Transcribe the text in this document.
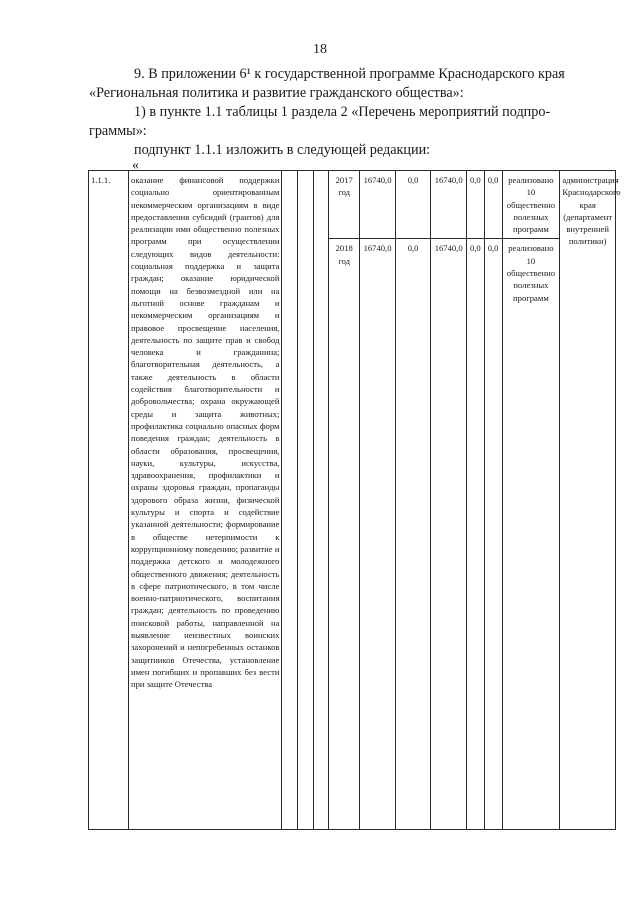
18
9. В приложении 6¹ к государственной программе Краснодарского края
«Региональная политика и развитие гражданского общества»:
1) в пункте 1.1 таблицы 1 раздела 2 «Перечень мероприятий подпро-
граммы»:
подпункт 1.1.1 изложить в следующей редакции:
«
1.1.1.	оказание финансовой поддержки социально ориентированным некоммерческим организациям в виде предоставления субсидий (грантов) для реализации ими общественно полезных программ при осуществлении следующих видов деятельности: социальная поддержка и защита граждан; оказание юридической помощи на безвозмездной или на льготной основе гражданам и некоммерческим организациям и правовое просвещение населения, деятельность по защите прав и свобод человека и гражданина; благотворительная деятельность, а также деятельность в области содействия благотворительности и добровольчества; охрана окружающей среды и защита животных; профилактика социально опасных форм поведения граждан; деятельность в области образования, просвещения, науки, культуры, искусства, здравоохранения, профилактики и охраны здоровья граждан, пропаганды здорового образа жизни, физической культуры и спорта и содействие указанной деятельности; формирование в обществе нетерпимости к коррупционному поведению; развитие и поддержка детского и молодежного общественного движения; деятельность в сфере патриотического, в том числе военно-патриотического, воспитания граждан; деятельность по проведению поисковой работы, направленной на выявление неизвестных воинских захоронений и непогребенных останков защитников Отечества, установление имен погибших и пропавших без вести при защите Отечества				2017 год	16740,0	0,0	16740,0	0,0	0,0	реализовано 10 общественно полезных программ	администрация Краснодарского края (департамент внутренней политики)
					2018 год	16740,0	0,0	16740,0	0,0	0,0	реализовано 10 общественно полезных программ	
